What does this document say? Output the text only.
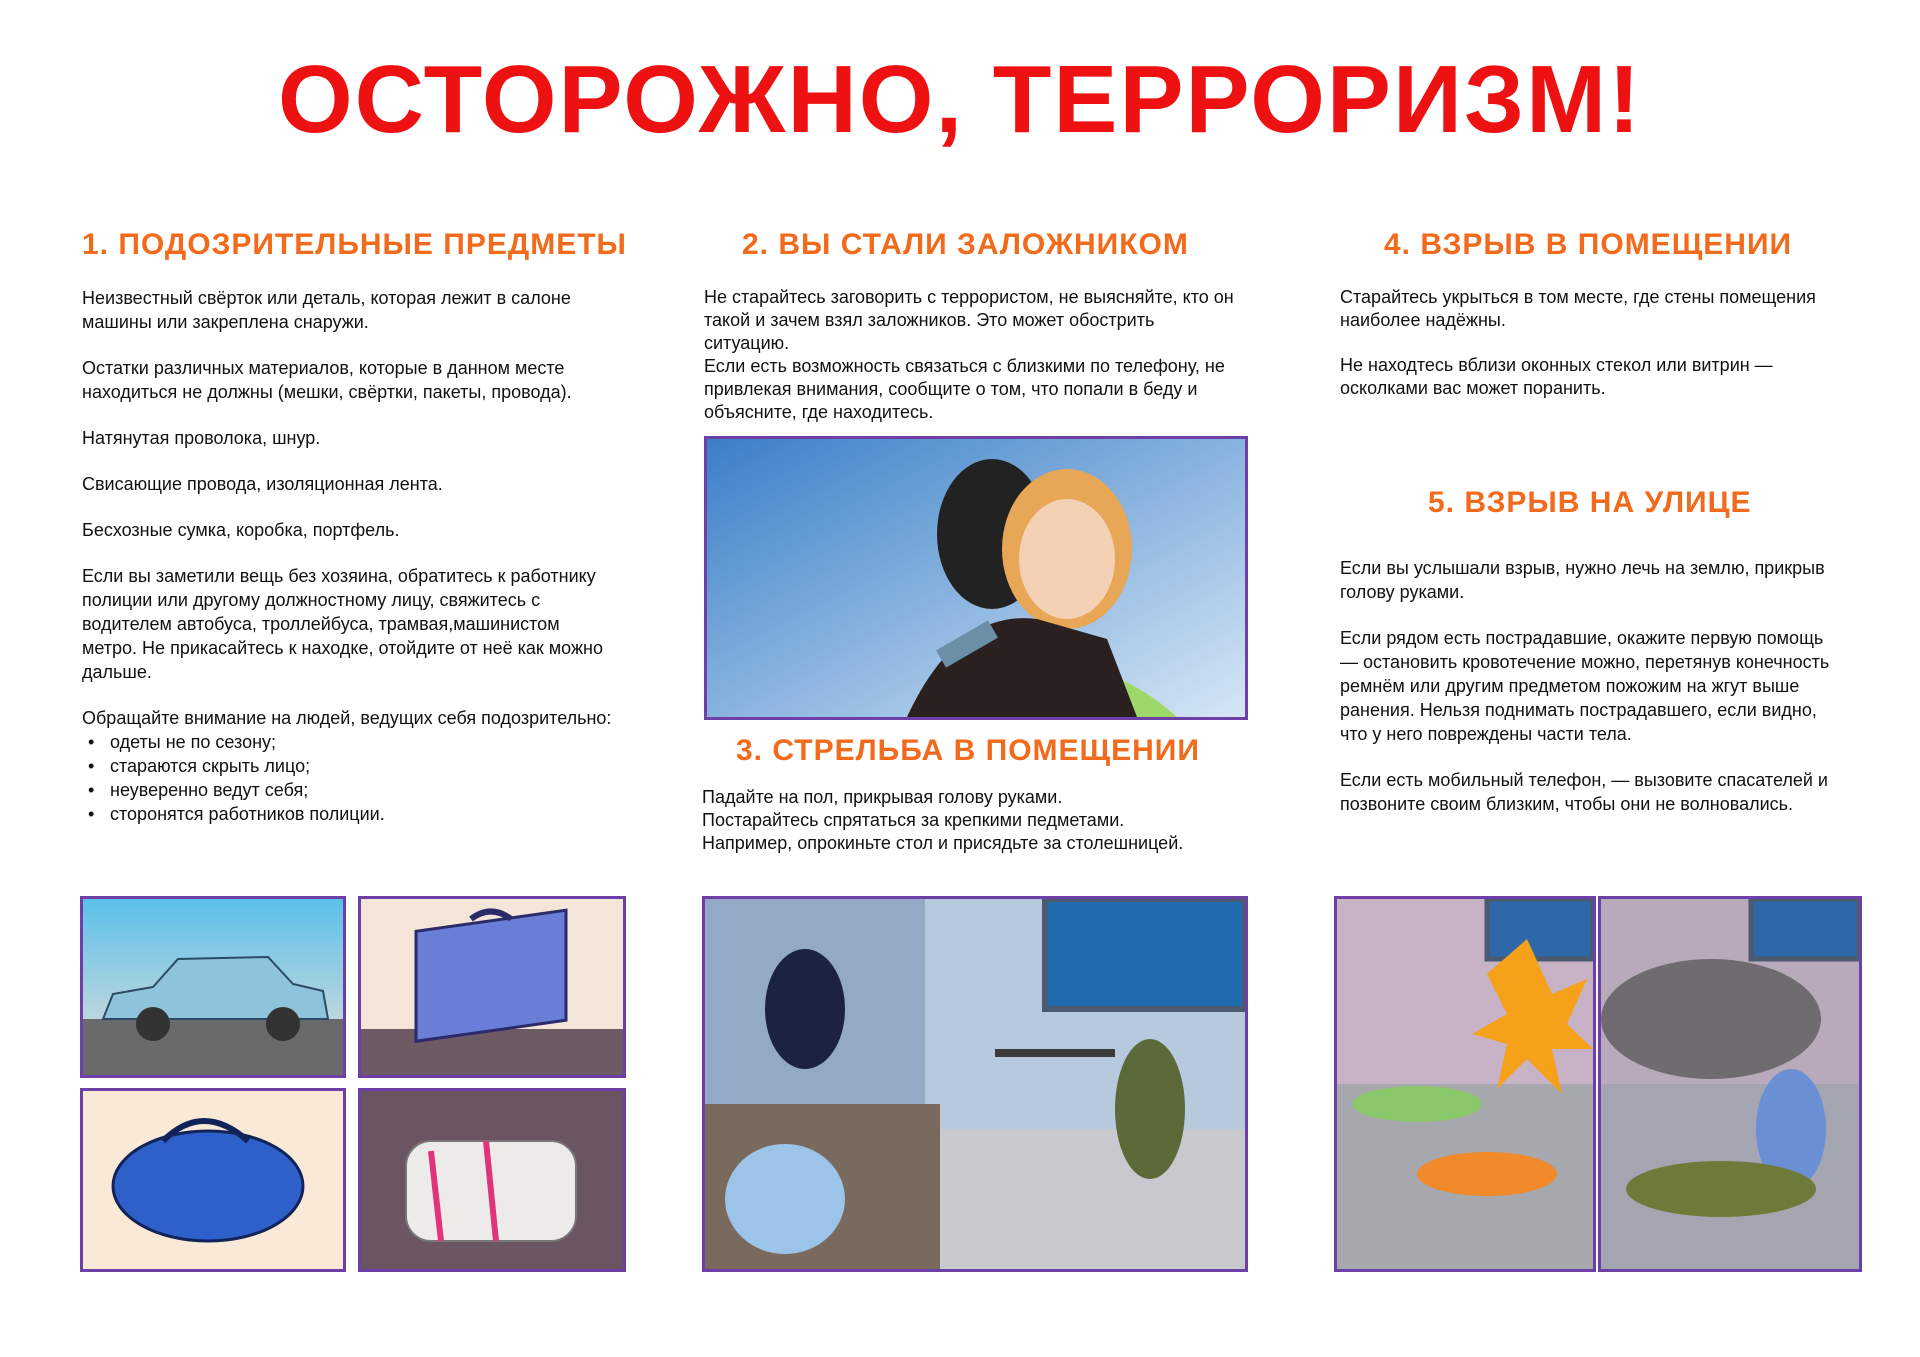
ОСТОРОЖНО, ТЕРРОРИЗМ!
1. ПОДОЗРИТЕЛЬНЫЕ ПРЕДМЕТЫ

Неизвестный свёрток или деталь, которая лежит в салоне машины или закреплена снаружи.

Остатки различных материалов, которые в данном месте находиться не должны (мешки, свёртки, пакеты, провода).

Натянутая проволока, шнур.

Свисающие провода, изоляционная лента.

Бесхозные сумка, коробка, портфель.

Если вы заметили вещь без хозяина, обратитесь к работнику полиции или другому должностному лицу, свяжитесь с водителем автобуса, троллейбуса, трамвая,машинистом метро. Не прикасайтесь к находке, отойдите от неё как можно дальше.

Обращайте внимание на людей, ведущих себя подозрительно:

• одеты не по сезону;
• стараются скрыть лицо;
• неуверенно ведут себя;
• сторонятся работников полиции.
2. ВЫ СТАЛИ ЗАЛОЖНИКОМ

Не старайтесь заговорить с террористом, не выясняйте, кто он такой и зачем взял заложников. Это может обострить ситуацию.

Если есть возможность связаться с близкими по телефону, не привлекая внимания, сообщите о том, что попали в беду и объясните, где находитесь.

3. СТРЕЛЬБА В ПОМЕЩЕНИИ

Падайте на пол, прикрывая голову руками.

Постарайтесь спрятаться за крепкими педметами.

Например, опрокиньте стол и присядьте за столешницей.

4. ВЗРЫВ В ПОМЕЩЕНИИ

Старайтесь укрыться в том месте, где стены помещения наиболее надёжны.

Не находтесь вблизи оконных стекол или витрин — осколками вас может поранить.

5. ВЗРЫВ НА УЛИЦЕ

Если вы услышали взрыв, нужно лечь на землю, прикрыв голову руками.

Если рядом есть пострадавшие, окажите первую помощь — остановить кровотечение можно, перетянув конечность ремнём или другим предметом пожожим на жгут выше ранения. Нельзя поднимать пострадавшего, если видно, что у него повреждены части тела.

Если есть мобильный телефон, — вызовите спасателей и позвоните своим близким, чтобы они не волновались.
